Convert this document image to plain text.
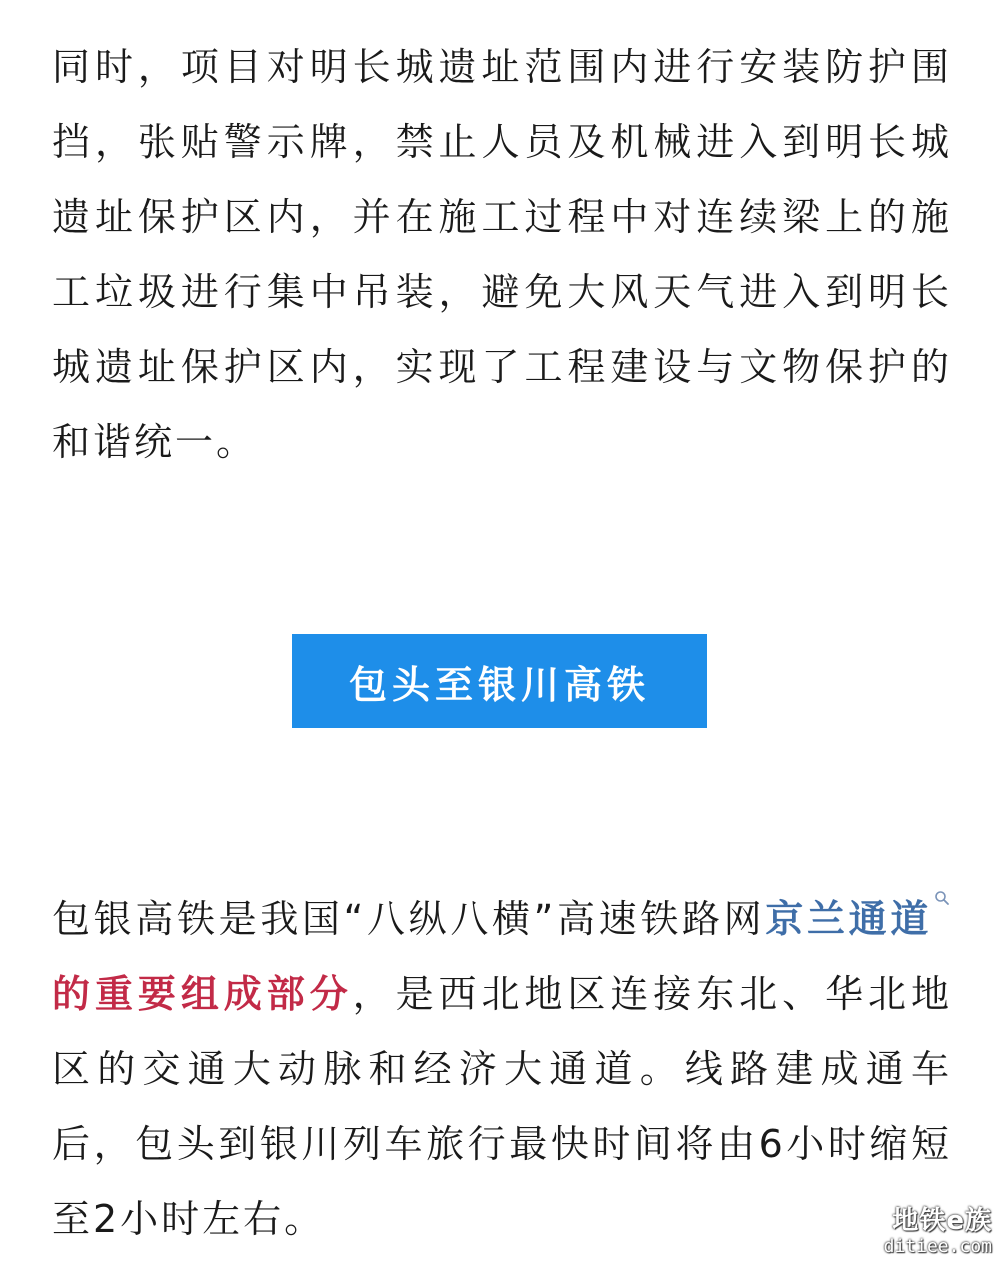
同时，项目对明长城遗址范围内进行安装防护围挡，张贴警示牌，禁止人员及机械进入到明长城遗址保护区内，并在施工过程中对连续梁上的施工垃圾进行集中吊装，避免大风天气进入到明长城遗址保护区内，实现了工程建设与文物保护的和谐统一。

包头至银川高铁

包银高铁是我国“八纵八横”高速铁路网京兰通道
的重要组成部分，是西北地区连接东北、华北地区的交通大动脉和经济大通道。线路建成通车后，包头到银川列车旅行最快时间将由6小时缩短至2小时左右。	地铁e族
ditiee.com
